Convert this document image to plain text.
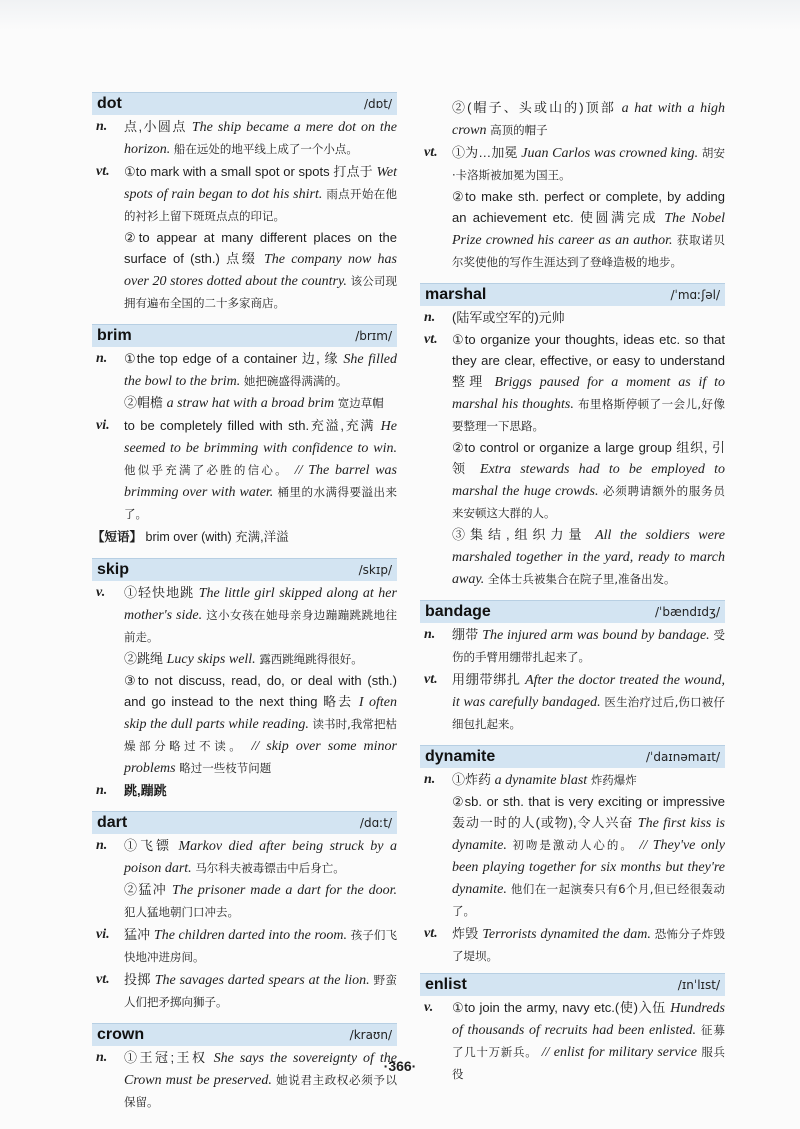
dot	/dɒt/
n. 点,小圆点 The ship became a mere dot on the horizon. 船在远处的地平线上成了一个小点。
vt. ①to mark with a small spot or spots 打点于 Wet spots of rain began to dot his shirt. 雨点开始在他的衬衫上留下斑斑点点的印记。
②to appear at many different places on the surface of (sth.) 点缀 The company now has over 20 stores dotted about the country. 该公司现拥有遍布全国的二十多家商店。
brim	/brɪm/
n. ①the top edge of a container 边, 缘 She filled the bowl to the brim. 她把碗盛得满满的。
②帽檐 a straw hat with a broad brim 宽边草帽
vi. to be completely filled with sth.充溢,充满 He seemed to be brimming with confidence to win. 他似乎充满了必胜的信心。 // The barrel was brimming over with water. 桶里的水满得要溢出来了。
【短语】 brim over (with) 充满,洋溢
skip	/skɪp/
v. ①轻快地跳 The little girl skipped along at her mother's side. 这小女孩在她母亲身边蹦蹦跳跳地往前走。
②跳绳 Lucy skips well. 露西跳绳跳得很好。
③to not discuss, read, do, or deal with (sth.) and go instead to the next thing 略去 I often skip the dull parts while reading. 读书时,我常把枯燥部分略过不读。 // skip over some minor problems 略过一些枝节问题
n. 跳,蹦跳
dart	/dɑːt/
n. ①飞镖 Markov died after being struck by a poison dart. 马尔科夫被毒镖击中后身亡。
②猛冲 The prisoner made a dart for the door. 犯人猛地朝门口冲去。
vi. 猛冲 The children darted into the room. 孩子们飞快地冲进房间。
vt. 投掷 The savages darted spears at the lion. 野蛮人们把矛掷向狮子。
crown	/kraʊn/
n. ①王冠;王权 She says the sovereignty of the Crown must be preserved. 她说君主政权必须予以保留。
②(帽子、头或山的)顶部 a hat with a high crown 高顶的帽子
vt. ①为…加冕 Juan Carlos was crowned king. 胡安·卡洛斯被加冕为国王。
②to make sth. perfect or complete, by adding an achievement etc. 使圆满完成 The Nobel Prize crowned his career as an author. 获取诺贝尔奖使他的写作生涯达到了登峰造极的地步。
marshal	/ˈmɑːʃəl/
n. (陆军或空军的)元帅
vt. ①to organize your thoughts, ideas etc. so that they are clear, effective, or easy to understand 整理 Briggs paused for a moment as if to marshal his thoughts. 布里格斯停顿了一会儿,好像要整理一下思路。
②to control or organize a large group 组织, 引领 Extra stewards had to be employed to marshal the huge crowds. 必须聘请额外的服务员来安顿这大群的人。
③集结,组织力量 All the soldiers were marshaled together in the yard, ready to march away. 全体士兵被集合在院子里,准备出发。
bandage	/ˈbændɪdʒ/
n. 绷带 The injured arm was bound by bandage. 受伤的手臂用绷带扎起来了。
vt. 用绷带绑扎 After the doctor treated the wound, it was carefully bandaged. 医生治疗过后,伤口被仔细包扎起来。
dynamite	/ˈdaɪnəmaɪt/
n. ①炸药 a dynamite blast 炸药爆炸
②sb. or sth. that is very exciting or impressive 轰动一时的人(或物),令人兴奋 The first kiss is dynamite. 初吻是激动人心的。 // They've only been playing together for six months but they're dynamite. 他们在一起演奏只有6个月,但已经很轰动了。
vt. 炸毁 Terrorists dynamited the dam. 恐怖分子炸毁了堤坝。
enlist	/ɪnˈlɪst/
v. ①to join the army, navy etc.(使)入伍 Hundreds of thousands of recruits had been enlisted. 征募了几十万新兵。 // enlist for military service 服兵役
·366·
